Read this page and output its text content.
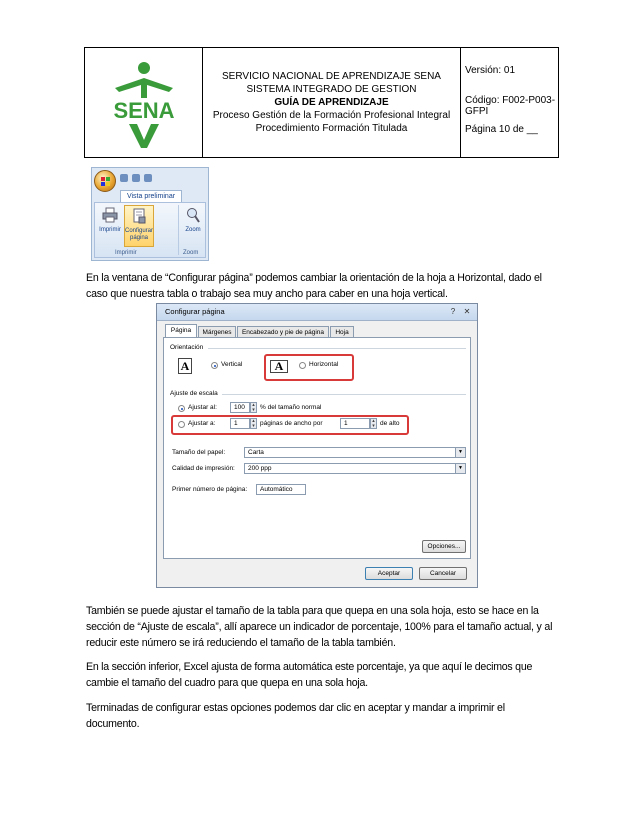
SENA
SERVICIO NACIONAL DE APRENDIZAJE SENA
SISTEMA INTEGRADO DE GESTION
GUÍA DE APRENDIZAJE
Proceso Gestión de la Formación Profesional Integral
Procedimiento Formación Titulada
Versión: 01
Código: F002-P003-GFPI
Página 10 de __
Vista preliminar
Imprimir Configurar página
Zoom
Imprimir	Zoom
En la ventana de “Configurar página” podemos cambiar la orientación de la hoja a Horizontal, dado el caso que nuestra tabla o trabajo sea muy ancho para caber en una hoja vertical.
Configurar página	?	✕
Página	Márgenes	Encabezado y pie de página	Hoja
Orientación
A	Vertical	A	Horizontal
Ajuste de escala
Ajustar al:	100	▴
▾ % del tamaño normal
Ajustar a:	1	▴
▾ páginas de ancho por	1	▴
▾ de alto
Tamaño del papel:	Carta	▼
Calidad de impresión:	200 ppp	▼
Primer número de página:	Automático
Opciones...
Aceptar	Cancelar
También se puede ajustar el tamaño de la tabla para que quepa en una sola hoja, esto se hace en la sección de “Ajuste de escala”, allí aparece un indicador de porcentaje, 100% para el tamaño actual, y al reducir este número se irá reduciendo el tamaño de la tabla también.
En la sección inferior, Excel ajusta de forma automática este porcentaje, ya que aquí le decimos que cambie el tamaño del cuadro para que quepa en una sola hoja.
Terminadas de configurar estas opciones podemos dar clic en aceptar y mandar a imprimir el documento.
